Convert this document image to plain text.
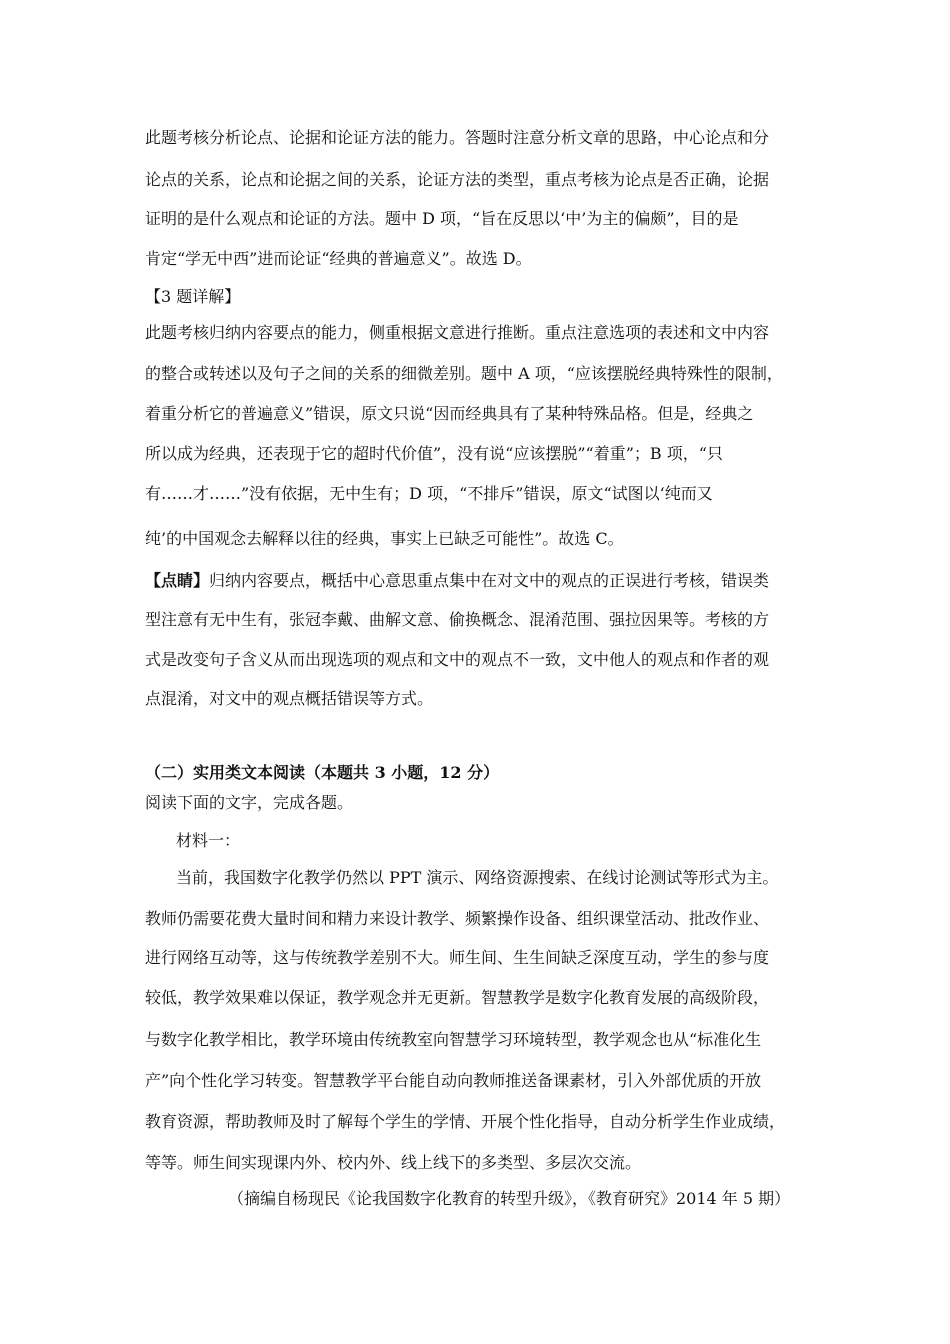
此题考核分析论点、论据和论证方法的能力。答题时注意分析文章的思路，中心论点和分
论点的关系，论点和论据之间的关系，论证方法的类型，重点考核为论点是否正确，论据
证明的是什么观点和论证的方法。题中 D 项，“旨在反思以‘中’为主的偏颇”，目的是
肯定“学无中西”进而论证“经典的普遍意义”。故选 D。
【3 题详解】
此题考核归纳内容要点的能力，侧重根据文意进行推断。重点注意选项的表述和文中内容
的整合或转述以及句子之间的关系的细微差别。题中 A 项，“应该摆脱经典特殊性的限制，
着重分析它的普遍意义”错误，原文只说“因而经典具有了某种特殊品格。但是，经典之
所以成为经典，还表现于它的超时代价值”，没有说“应该摆脱”“着重”；B 项，“只
有……才……”没有依据，无中生有；D 项，“不排斥”错误，原文“试图以‘纯而又
纯’的中国观念去解释以往的经典，事实上已缺乏可能性”。故选 C。
【点睛】归纳内容要点，概括中心意思重点集中在对文中的观点的正误进行考核，错误类
型注意有无中生有，张冠李戴、曲解文意、偷换概念、混淆范围、强拉因果等。考核的方
式是改变句子含义从而出现选项的观点和文中的观点不一致，文中他人的观点和作者的观
点混淆，对文中的观点概括错误等方式。
（二）实用类文本阅读（本题共 3 小题，12 分）
阅读下面的文字，完成各题。
材料一：
当前，我国数字化教学仍然以 PPT 演示、网络资源搜索、在线讨论测试等形式为主。
教师仍需要花费大量时间和精力来设计教学、频繁操作设备、组织课堂活动、批改作业、
进行网络互动等，这与传统教学差别不大。师生间、生生间缺乏深度互动，学生的参与度
较低，教学效果难以保证，教学观念并无更新。智慧教学是数字化教育发展的高级阶段，
与数字化教学相比，教学环境由传统教室向智慧学习环境转型，教学观念也从“标准化生
产”向个性化学习转变。智慧教学平台能自动向教师推送备课素材，引入外部优质的开放
教育资源，帮助教师及时了解每个学生的学情、开展个性化指导，自动分析学生作业成绩，
等等。师生间实现课内外、校内外、线上线下的多类型、多层次交流。
（摘编自杨现民《论我国数字化教育的转型升级》，《教育研究》2014 年 5 期）
